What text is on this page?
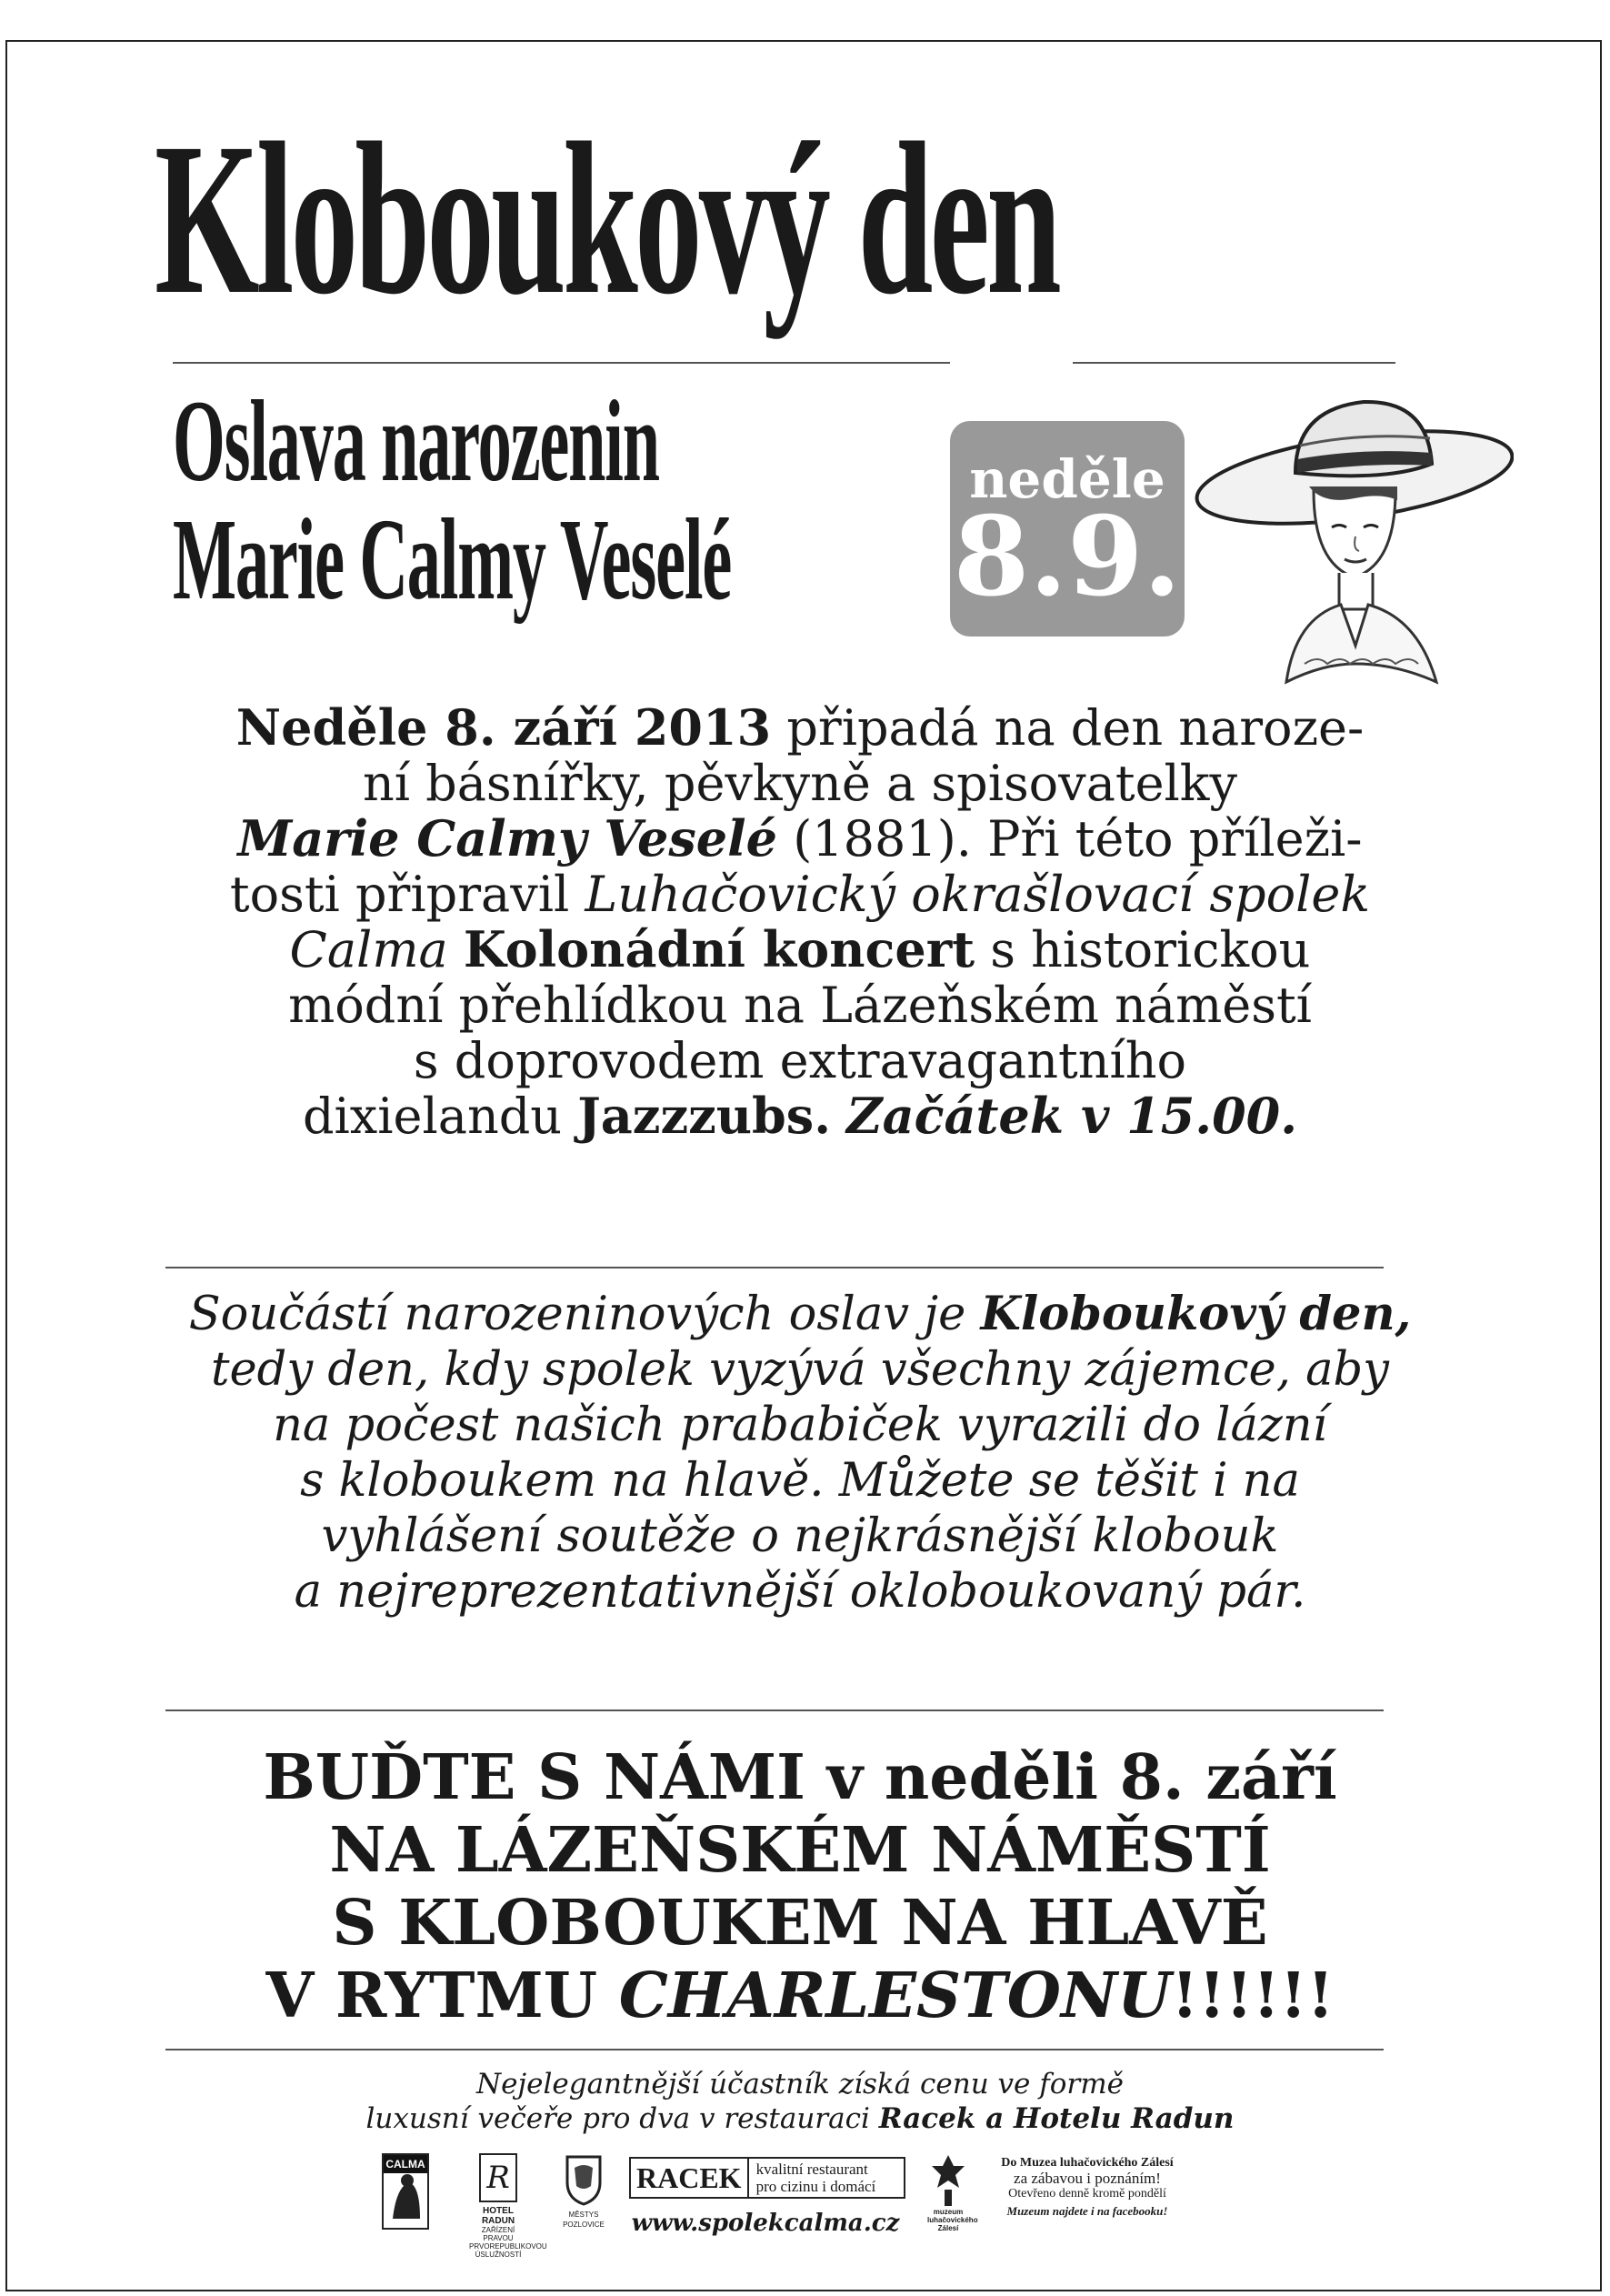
Kloboukový den
Oslava narozenin
Marie Calmy Veselé
neděle
8.9.
Neděle 8. září 2013 připadá na den naroze-
ní básnířky, pěvkyně a spisovatelky
Marie Calmy Veselé (1881). Při této příleži-
tosti připravil Luhačovický okrašlovací spolek
Calma Kolonádní koncert s historickou
módní přehlídkou na Lázeňském náměstí
s doprovodem extravagantního
dixielandu Jazzzubs. Začátek v 15.00.
Součástí narozeninových oslav je Kloboukový den,
tedy den, kdy spolek vyzývá všechny zájemce, aby
na počest našich prababiček vyrazili do lázní
s kloboukem na hlavě. Můžete se těšit i na
vyhlášení soutěže o nejkrásnější klobouk
a nejreprezentativnější okloboukovaný pár.
BUĎTE S NÁMI v neděli 8. září
NA LÁZEŇSKÉM NÁMĚSTÍ
S KLOBOUKEM NA HLAVĚ
V RYTMU CHARLESTONU!!!!!!
Nejelegantnější účastník získá cenu ve formě
luxusní večeře pro dva v restauraci Racek a Hotelu Radun
CALMA R
HOTEL RADUN
ZAŘÍZENÍ PRAVOU PRVOREPUBLIKOVOU ÚSLUŽNOSTÍ
MĚSTYS POZLOVICE
RACEK kvalitní restaurant
pro cizinu i domácí
www.spolekcalma.cz	muzeum luhačovického Zálesí
Do Muzea luhačovického Zálesí
za zábavou i poznáním!
Otevřeno denně kromě pondělí
Muzeum najdete i na facebooku!
